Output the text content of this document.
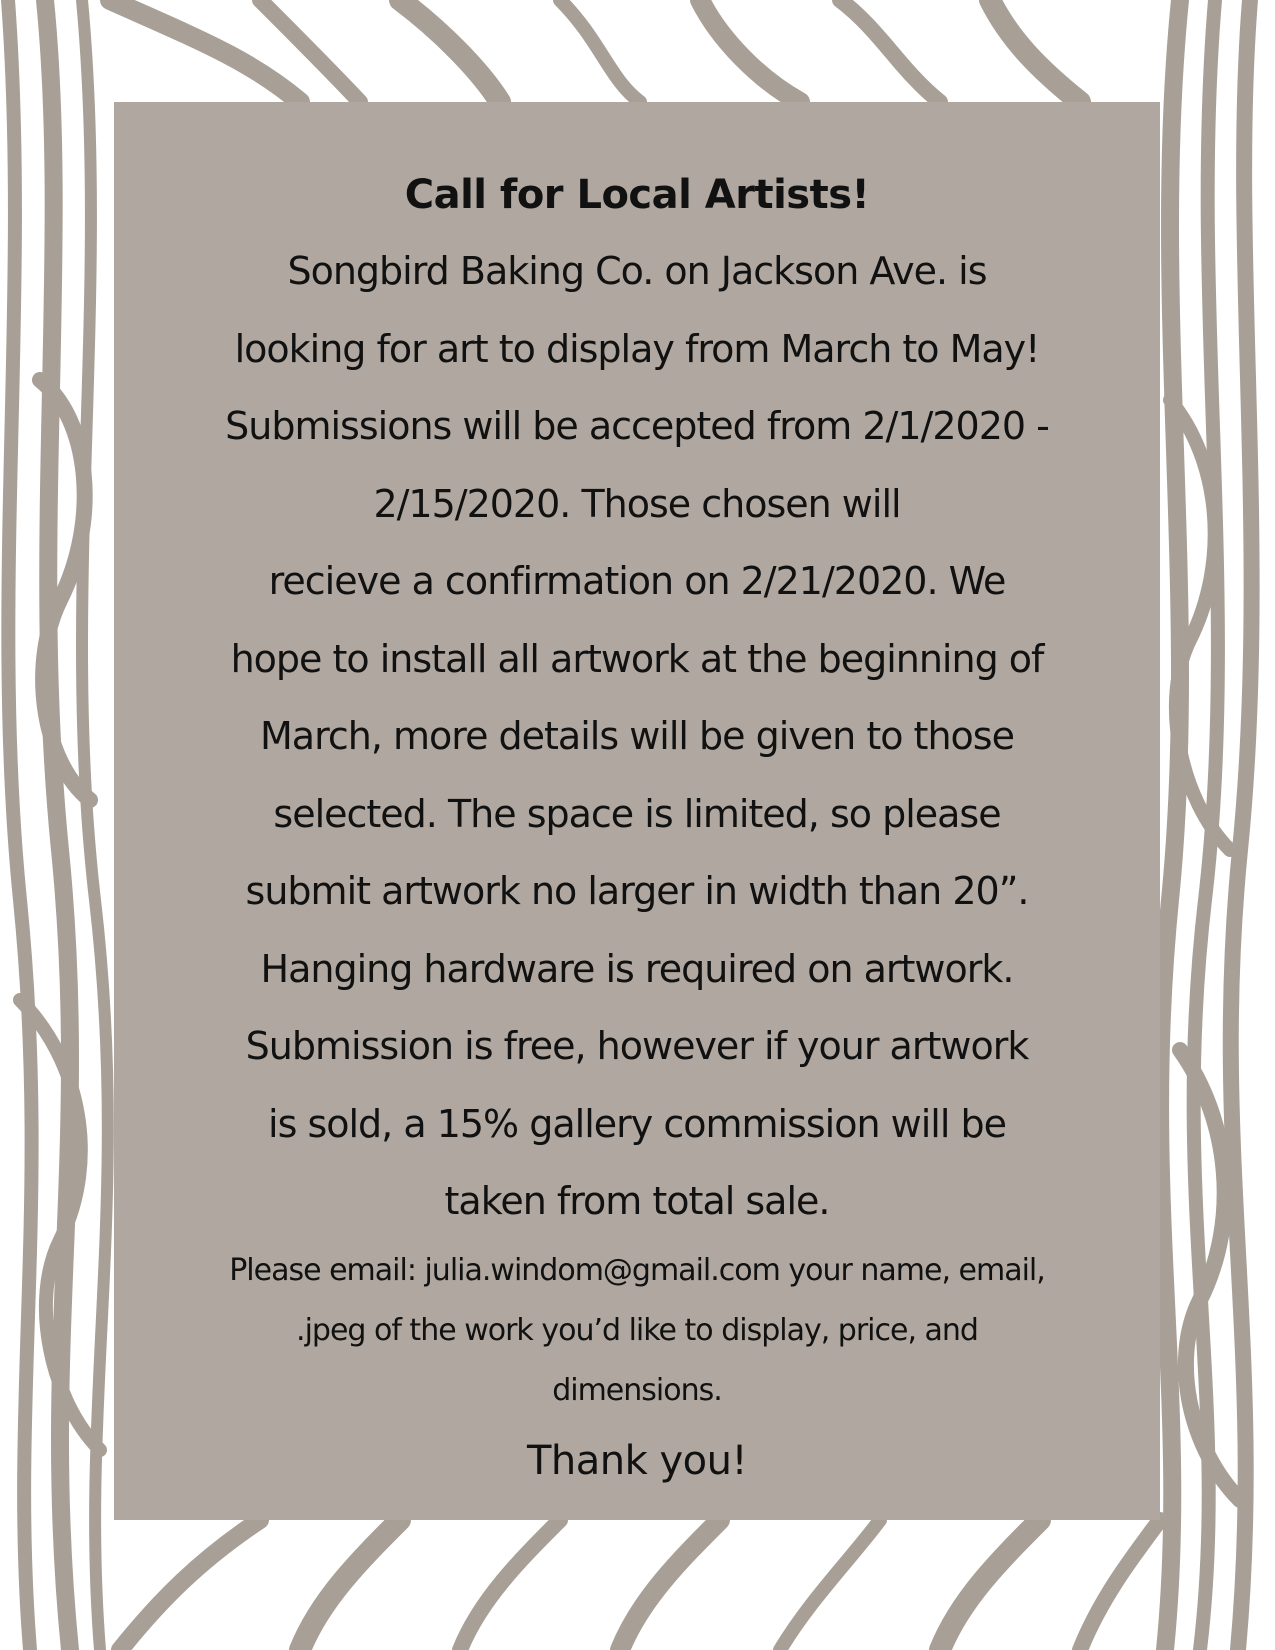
Call for Local Artists!
Songbird Baking Co. on Jackson Ave. is
looking for art to display from March to May!
Submissions will be accepted from 2/1/2020 -
2/15/2020. Those chosen will
recieve a confirmation on 2/21/2020. We
hope to install all artwork at the beginning of
March, more details will be given to those
selected. The space is limited, so please
submit artwork no larger in width than 20”.
Hanging hardware is required on artwork.
Submission is free, however if your artwork
is sold, a 15% gallery commission will be
taken from total sale.
Please email: julia.windom@gmail.com your name, email,
.jpeg of the work you’d like to display, price, and
dimensions.
Thank you!
